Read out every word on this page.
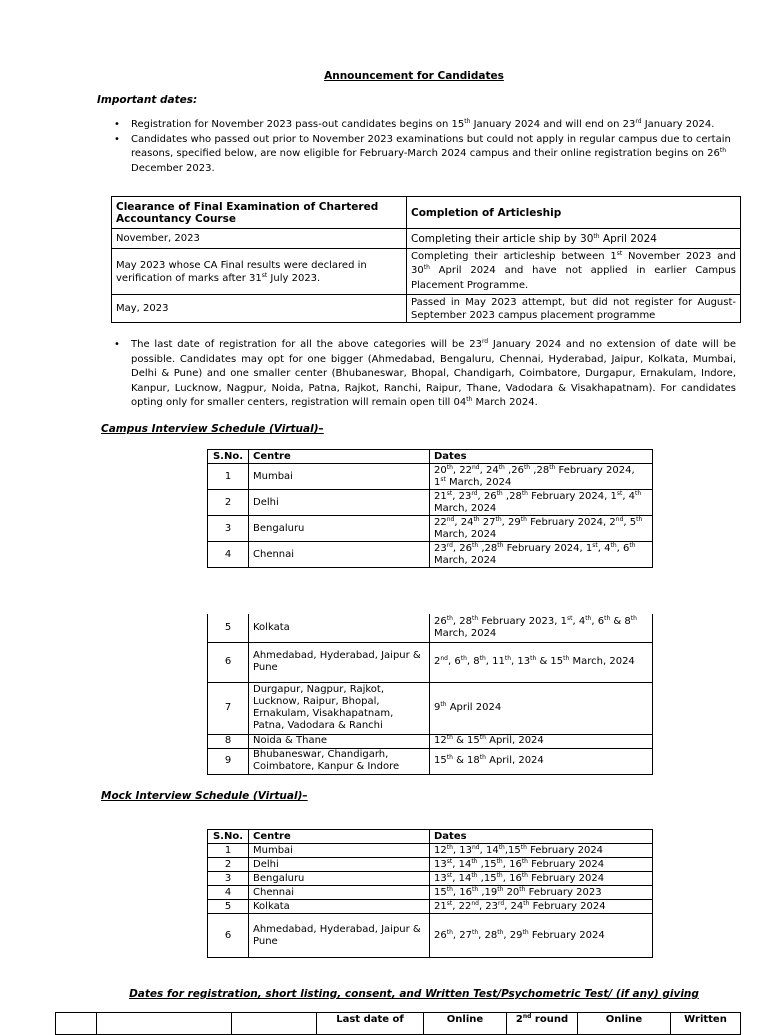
Announcement for Candidates
Important dates:
• Registration for November 2023 pass-out candidates begins on 15th January 2024 and will end on 23rd January 2024.
• Candidates who passed out prior to November 2023 examinations but could not apply in regular campus due to certain reasons, specified below, are now eligible for February-March 2024 campus and their online registration begins on 26th December 2023.
Clearance of Final Examination of Chartered Accountancy Course	Completion of Articleship
November, 2023	Completing their article ship by 30th April 2024
May 2023 whose CA Final results were declared in verification of marks after 31st July 2023.	Completing their articleship between 1st November 2023 and 30th April 2024 and have not applied in earlier Campus Placement Programme.
May, 2023	Passed in May 2023 attempt, but did not register for August-September 2023 campus placement programme
• The last date of registration for all the above categories will be 23rd January 2024 and no extension of date will be possible. Candidates may opt for one bigger (Ahmedabad, Bengaluru, Chennai, Hyderabad, Jaipur, Kolkata, Mumbai, Delhi & Pune) and one smaller center (Bhubaneswar, Bhopal, Chandigarh, Coimbatore, Durgapur, Ernakulam, Indore, Kanpur, Lucknow, Nagpur, Noida, Patna, Rajkot, Ranchi, Raipur, Thane, Vadodara & Visakhapatnam). For candidates opting only for smaller centers, registration will remain open till 04th March 2024.
Campus Interview Schedule (Virtual)–
S.No.	Centre	Dates
1	Mumbai	20th, 22nd, 24th ,26th ,28th February 2024, 1st March, 2024
2	Delhi	21st, 23rd, 26th ,28th February 2024, 1st, 4th March, 2024
3	Bengaluru	22nd, 24th 27th, 29th February 2024, 2nd, 5th March, 2024
4	Chennai	23rd, 26th ,28th February 2024, 1st, 4th, 6th March, 2024
5	Kolkata	26th, 28th February 2023, 1st, 4th, 6th & 8th March, 2024
6	Ahmedabad, Hyderabad, Jaipur & Pune	2nd, 6th, 8th, 11th, 13th & 15th March, 2024
7	Durgapur, Nagpur, Rajkot, Lucknow, Raipur, Bhopal, Ernakulam, Visakhapatnam, Patna, Vadodara & Ranchi	9th April 2024
8	Noida & Thane	12th & 15th April, 2024
9	Bhubaneswar, Chandigarh, Coimbatore, Kanpur & Indore	15th & 18th April, 2024
Mock Interview Schedule (Virtual)–
S.No.	Centre	Dates
1	Mumbai	12th, 13nd, 14th,15th February 2024
2	Delhi	13st, 14th ,15th, 16th February 2024
3	Bengaluru	13st, 14th ,15th, 16th February 2024
4	Chennai	15th, 16th ,19th 20th February 2023
5	Kolkata	21st, 22nd, 23rd, 24th February 2024
6	Ahmedabad, Hyderabad, Jaipur & Pune	26th, 27th, 28th, 29th February 2024
Dates for registration, short listing, consent, and Written Test/Psychometric Test/ (if any) giving
			Last date of	Online	2nd round	Online	Written
